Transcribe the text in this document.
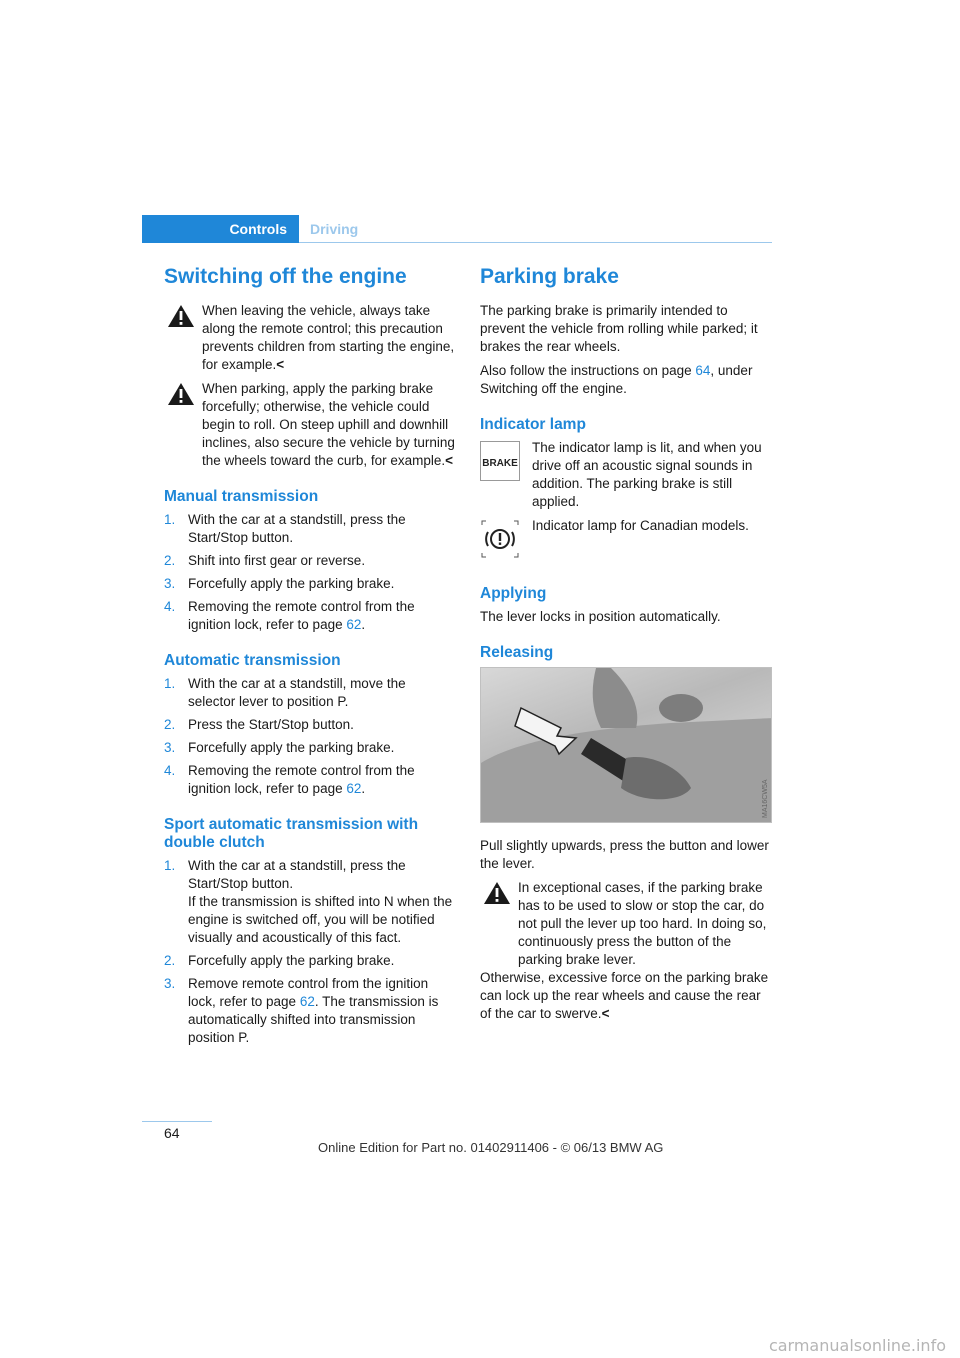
Controls	Driving
Switching off the engine
When leaving the vehicle, always take along the remote control; this precaution prevents children from starting the engine, for example.<
When parking, apply the parking brake forcefully; otherwise, the vehicle could begin to roll. On steep uphill and downhill inclines, also secure the vehicle by turning the wheels toward the curb, for example.<
Manual transmission
1. With the car at a standstill, press the Start/Stop button.
2. Shift into first gear or reverse.
3. Forcefully apply the parking brake.
4. Removing the remote control from the ignition lock, refer to page 62.
Automatic transmission
1. With the car at a standstill, move the selector lever to position P.
2. Press the Start/Stop button.
3. Forcefully apply the parking brake.
4. Removing the remote control from the ignition lock, refer to page 62.
Sport automatic transmission with double clutch
1. With the car at a standstill, press the Start/Stop button.
If the transmission is shifted into N when the engine is switched off, you will be notified visually and acoustically of this fact.
2. Forcefully apply the parking brake.
3. Remove remote control from the ignition lock, refer to page 62. The transmission is automatically shifted into transmission position P.
Parking brake

The parking brake is primarily intended to prevent the vehicle from rolling while parked; it brakes the rear wheels.

Also follow the instructions on page 64, under Switching off the engine.

Indicator lamp
BRAKE
The indicator lamp is lit, and when you drive off an acoustic signal sounds in addition. The parking brake is still applied.
Indicator lamp for Canadian models.
Applying

The lever locks in position automatically.

Releasing
MA16CW5A

Pull slightly upwards, press the button and lower the lever.

In exceptional cases, if the parking brake has to be used to slow or stop the car, do not pull the lever up too hard. In doing so, continuously press the button of the parking brake lever.
Otherwise, excessive force on the parking brake can lock up the rear wheels and cause the rear of the car to swerve.<
64
Online Edition for Part no. 01402911406 - © 06/13 BMW AG
carmanualsonline.info
